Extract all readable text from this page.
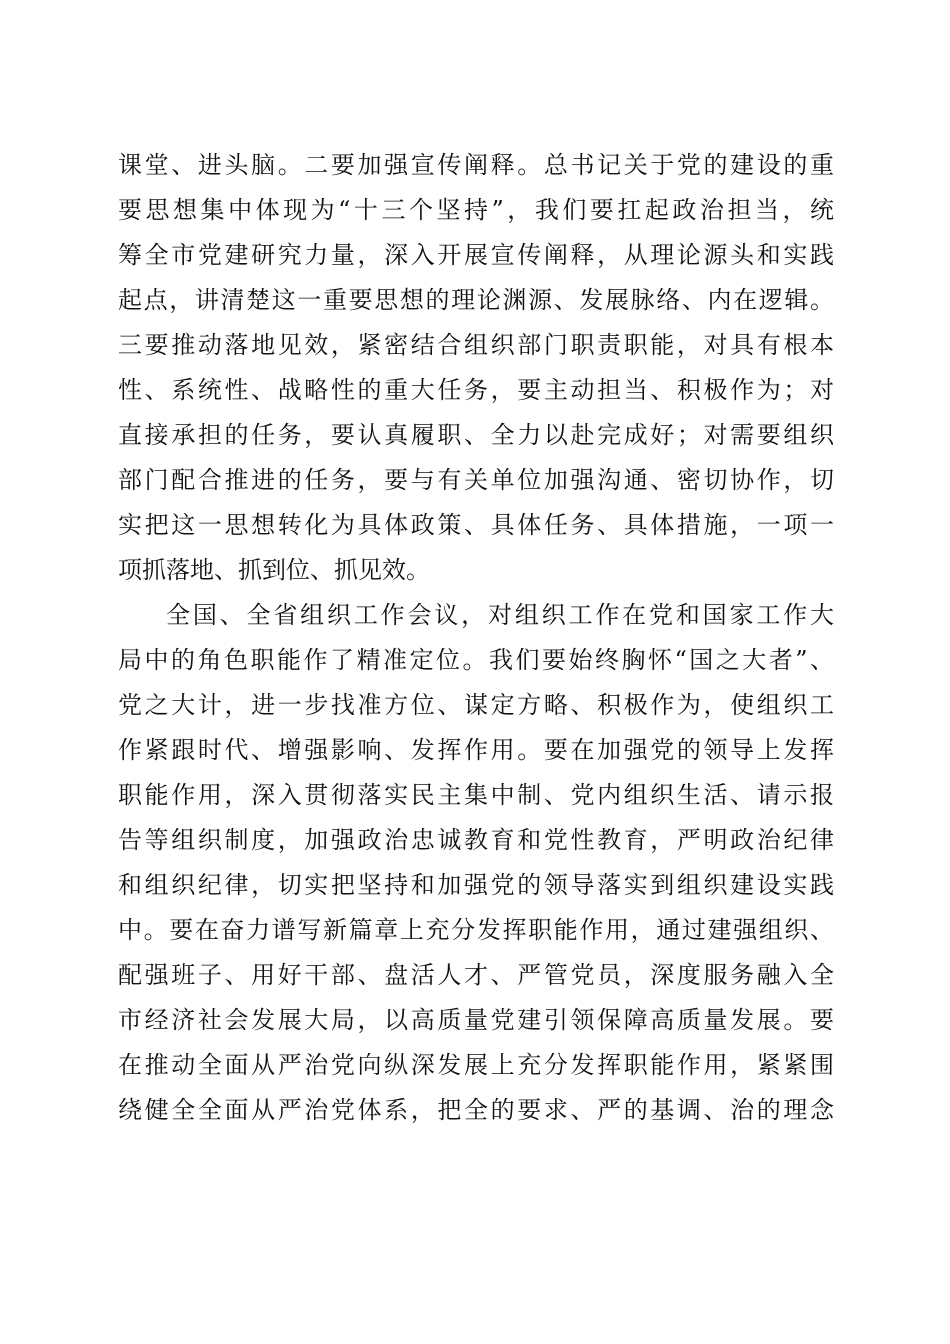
课堂、进头脑。二要加强宣传阐释。总书记关于党的建设的重
要思想集中体现为“十三个坚持”，我们要扛起政治担当，统
筹全市党建研究力量，深入开展宣传阐释，从理论源头和实践
起点，讲清楚这一重要思想的理论渊源、发展脉络、内在逻辑。
三要推动落地见效，紧密结合组织部门职责职能，对具有根本
性、系统性、战略性的重大任务，要主动担当、积极作为；对
直接承担的任务，要认真履职、全力以赴完成好；对需要组织
部门配合推进的任务，要与有关单位加强沟通、密切协作，切
实把这一思想转化为具体政策、具体任务、具体措施，一项一
项抓落地、抓到位、抓见效。
全国、全省组织工作会议，对组织工作在党和国家工作大
局中的角色职能作了精准定位。我们要始终胸怀“国之大者”、
党之大计，进一步找准方位、谋定方略、积极作为，使组织工
作紧跟时代、增强影响、发挥作用。要在加强党的领导上发挥
职能作用，深入贯彻落实民主集中制、党内组织生活、请示报
告等组织制度，加强政治忠诚教育和党性教育，严明政治纪律
和组织纪律，切实把坚持和加强党的领导落实到组织建设实践
中。要在奋力谱写新篇章上充分发挥职能作用，通过建强组织、
配强班子、用好干部、盘活人才、严管党员，深度服务融入全
市经济社会发展大局，以高质量党建引领保障高质量发展。要
在推动全面从严治党向纵深发展上充分发挥职能作用，紧紧围
绕健全全面从严治党体系，把全的要求、严的基调、治的理念
